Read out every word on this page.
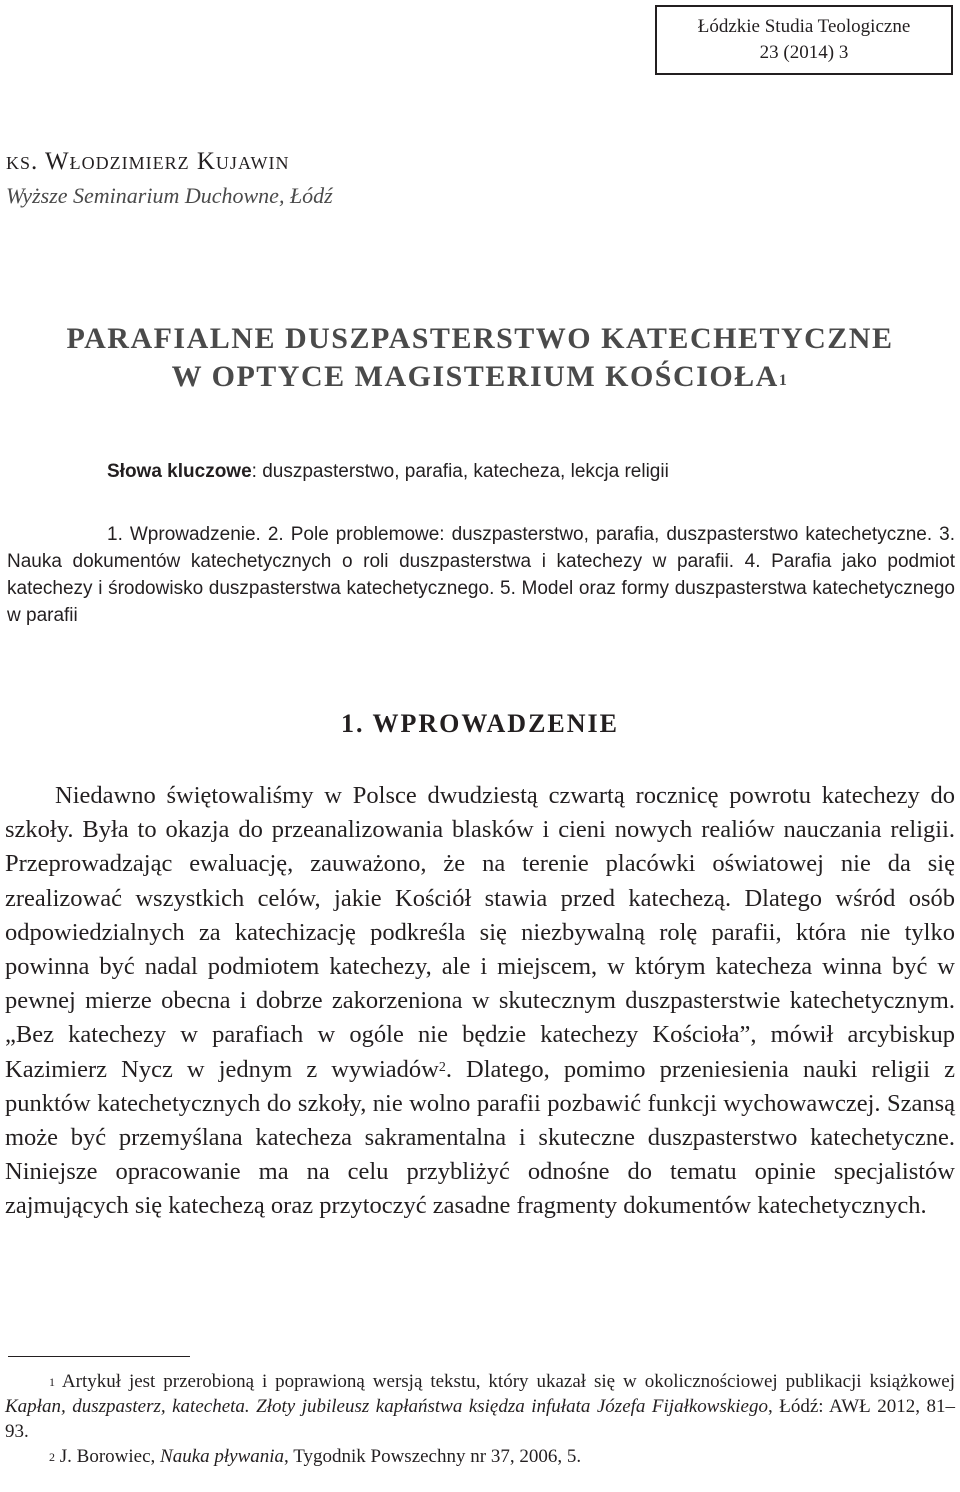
Łódzkie Studia Teologiczne
23 (2014) 3
ks. Włodzimierz Kujawin
Wyższe Seminarium Duchowne, Łódź
PARAFIALNE DUSZPASTERSTWO KATECHETYCZNE
W OPTYCE MAGISTERIUM KOŚCIOŁA$^1$
Słowa kluczowe: duszpasterstwo, parafia, katecheza, lekcja religii
1. Wprowadzenie. 2. Pole problemowe: duszpasterstwo, parafia, duszpasterstwo katechetyczne. 3. Nauka dokumentów katechetycznych o roli duszpasterstwa i katechezy w parafii. 4. Parafia jako podmiot katechezy i środowisko duszpasterstwa katechetycznego. 5. Model oraz formy duszpasterstwa katechetycznego w parafii
1. WPROWADZENIE
Niedawno świętowaliśmy w Polsce dwudziestą czwartą rocznicę powrotu katechezy do szkoły. Była to okazja do przeanalizowania blasków i cieni nowych realiów nauczania religii. Przeprowadzając ewaluację, zauważono, że na terenie placówki oświatowej nie da się zrealizować wszystkich celów, jakie Kościół stawia przed katechezą. Dlatego wśród osób odpowiedzialnych za katechizację podkreśla się niezbywalną rolę parafii, która nie tylko powinna być nadal podmiotem katechezy, ale i miejscem, w którym katecheza winna być w pewnej mierze obecna i dobrze zakorzeniona w skutecznym duszpasterstwie katechetycznym. „Bez katechezy w parafiach w ogóle nie będzie katechezy Kościoła”, mówił arcybiskup Kazimierz Nycz w jednym z wywiadów$^2$. Dlatego, pomimo przeniesienia nauki religii z punktów katechetycznych do szkoły, nie wolno parafii pozbawić funkcji wychowawczej. Szansą może być przemyślana katecheza sakramentalna i skuteczne duszpasterstwo katechetyczne. Niniejsze opracowanie ma na celu przybliżyć odnośne do tematu opinie specjalistów zajmujących się katechezą oraz przytoczyć zasadne fragmenty dokumentów katechetycznych.

$^1$ Artykuł jest przerobioną i poprawioną wersją tekstu, który ukazał się w okolicznościowej publikacji książkowej Kapłan, duszpasterz, katecheta. Złoty jubileusz kapłaństwa księdza infułata Józefa Fijałkowskiego, Łódź: AWŁ 2012, 81–93.

$^2$ J. Borowiec, Nauka pływania, Tygodnik Powszechny nr 37, 2006, 5.
